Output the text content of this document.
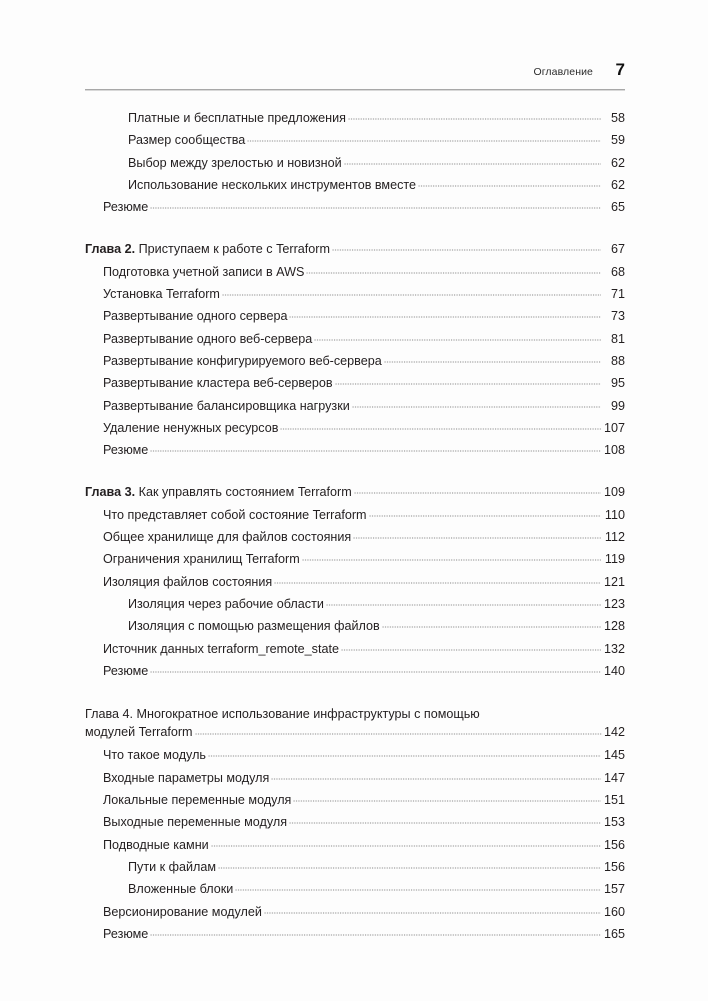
Оглавление 7
Платные и бесплатные предложения	58
Размер сообщества	59
Выбор между зрелостью и новизной	62
Использование нескольких инструментов вместе	62
Резюме	65
Глава 2. Приступаем к работе с Terraform	67
Подготовка учетной записи в AWS	68
Установка Terraform	71
Развертывание одного сервера	73
Развертывание одного веб-сервера	81
Развертывание конфигурируемого веб-сервера	88
Развертывание кластера веб-серверов	95
Развертывание балансировщика нагрузки	99
Удаление ненужных ресурсов	107
Резюме	108
Глава 3. Как управлять состоянием Terraform	109
Что представляет собой состояние Terraform	110
Общее хранилище для файлов состояния	112
Ограничения хранилищ Terraform	119
Изоляция файлов состояния	121
Изоляция через рабочие области	123
Изоляция с помощью размещения файлов	128
Источник данных terraform_remote_state	132
Резюме	140
Глава 4. Многократное использование инфраструктуры с помощью
модулей Terraform	142
Что такое модуль	145
Входные параметры модуля	147
Локальные переменные модуля	151
Выходные переменные модуля	153
Подводные камни	156
Пути к файлам	156
Вложенные блоки	157
Версионирование модулей	160
Резюме	165
